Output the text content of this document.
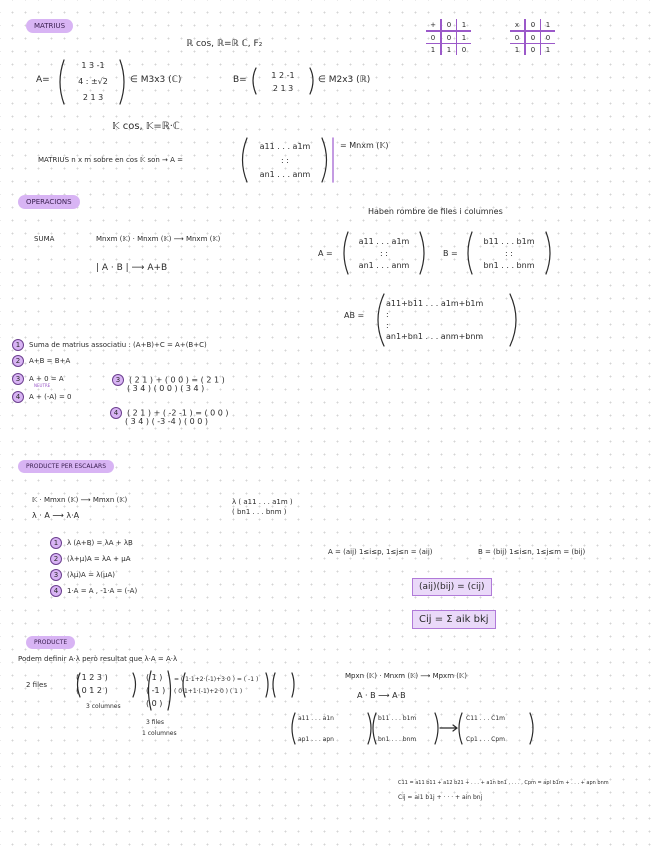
MATRIUS
ℝ cos, ℝ=ℝ ℂ, F₂
+	0	1
0	0	1
1	1	0
x	0	1
0	0	0
1	0	1
A=
1 3 -1
4 : ±√2
2 1 3
∈ M3x3 (ℂ)	B=	1 2 -1
2 1 3
∈ M2x3 (ℝ)
𝕂 cos, 𝕂=ℝ·ℂ
MATRIUS n x m sobre en cos 𝕂 son → A =
a11 . . . a1m
: :
an1 . . . anm
= Mnxm (𝕂)
OPERACIONS
Haben rombre de files i columnes
SUMA	Mnxm (𝕂) · Mnxm (𝕂) ⟶ Mnxm (𝕂)
| A · B | ⟶ A+B
A =
a11 . . . a1m
: :
an1 . . . anm
B =
b11 . . . b1m
: :
bn1 . . . bnm
AB =
a11+b11 . . . a1m+b1m
:
:
an1+bn1 . . . anm+bnm
1 Suma de matrius associatiu : (A+B)+C = A+(B+C)
2 A+B = B+A
3 A + 0 = A
NEUTRE
4 A + (-A) = 0
3 ( 2 1 ) + ( 0 0 ) = ( 2 1 )
( 3 4 ) ( 0 0 ) ( 3 4 )
4 ( 2 1 ) + ( -2 -1 ) = ( 0 0 )
( 3 4 ) ( -3 -4 ) ( 0 0 )
PRODUCTE PER ESCALARS
𝕂 · Mmxn (𝕂) ⟶ Mmxn (𝕂)
λ · A ⟶ λ·A
λ ( a11 . . . a1m )
( bn1 . . . bnm )
1 λ (A+B) = λA + λB
2 (λ+μ)A = λA + μA
3 (λμ)A = λ(μA)
4 1·A = A , -1·A = (-A)
A = (aij) 1≤i≤p, 1≤j≤n = (aij)	B = (bij) 1≤i≤n, 1≤j≤m = (bij)
(aij)(bij) = (cij)
Cij = Σ aik bkj
PRODUCTE
Podem definir A·λ però resultat que λ·A = A·λ
2 files
( 1 2 3 )
( 0 1 2 )
3 columnes
( 1 )
( -1 )
( 0 )
3 files
1 columnes
= ( 1·1+2·(-1)+3·0 ) = ( -1 )
( 0·1+1·(-1)+2·0 ) ( 1 )
Mpxn (𝕂) · Mnxm (𝕂) ⟶ Mpxm (𝕂)
A · B ⟶ A·B
a11 . . . a1n
ap1 . . . apn
b11 . . . b1m
bn1 . . . bnm
C11 . . . C1m
Cp1 . . . Cpm
C11 = a11 b11 + a12 b21 + . . . + a1n bn1 , . . . , Cpm = apl b1m + . . . + apn bnm
Cij = ai1 b1j + · · · + ain bnj
